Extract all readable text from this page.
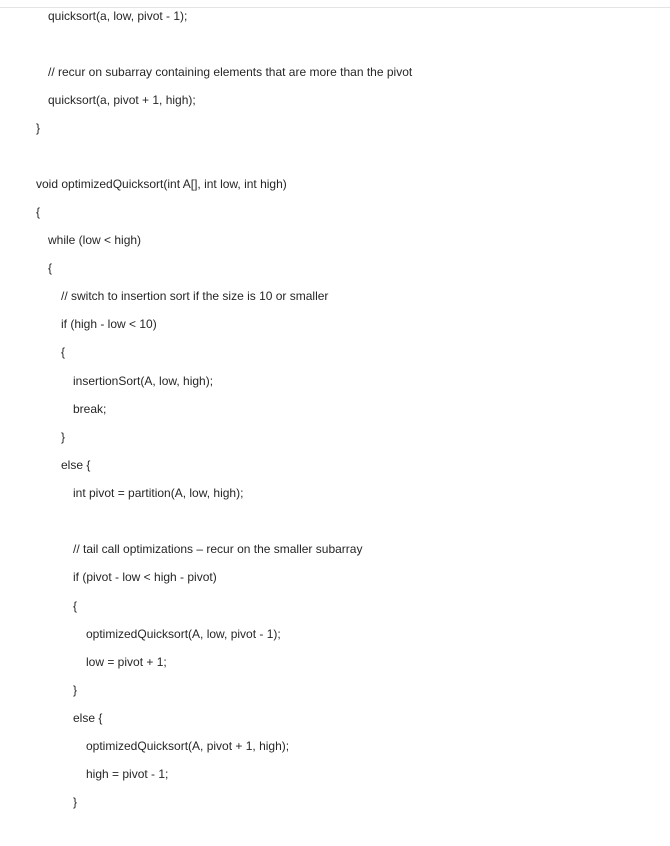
quicksort(a, low, pivot - 1);
// recur on subarray containing elements that are more than the pivot
quicksort(a, pivot + 1, high);
}
void optimizedQuicksort(int A[], int low, int high)
{
while (low < high)
{
// switch to insertion sort if the size is 10 or smaller
if (high - low < 10)
{
insertionSort(A, low, high);
break;
}
else {
int pivot = partition(A, low, high);
// tail call optimizations – recur on the smaller subarray
if (pivot - low < high - pivot)
{
optimizedQuicksort(A, low, pivot - 1);
low = pivot + 1;
}
else {
optimizedQuicksort(A, pivot + 1, high);
high = pivot - 1;
}
